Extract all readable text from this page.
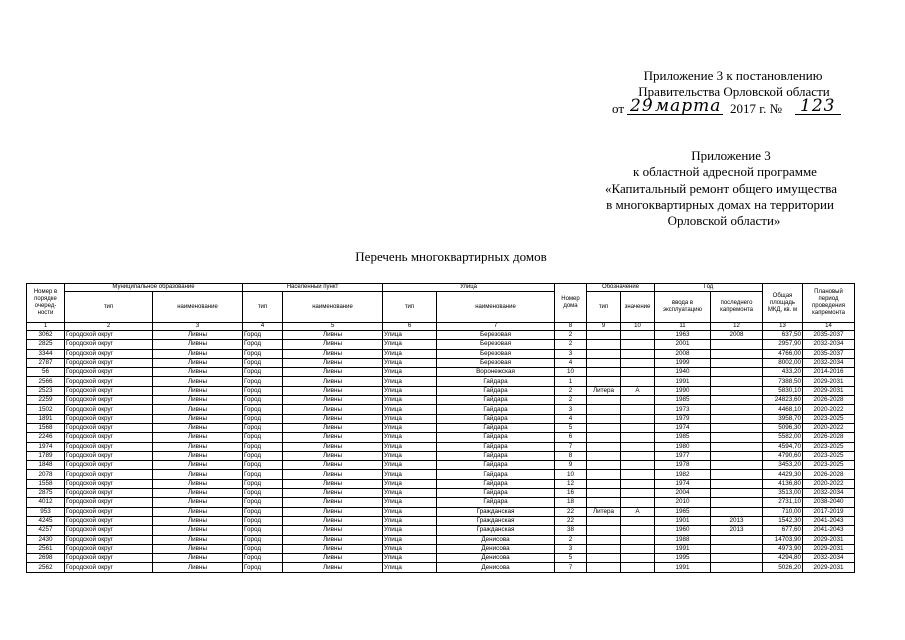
Приложение 3 к постановлению
Правительства Орловской области
от 29 марта 2017 г. № 123
Приложение 3
к областной адресной программе
«Капитальный ремонт общего имущества
в многоквартирных домах на территории
Орловской области»
Перечень многоквартирных домов
Номер в порядке очеред-ности	Муниципальное образование		Населенный пункт		Улица		Номер дома	Обозначение		Год		Общая площадь МКД, кв. м	Плановый период проведения капремонта
	тип	наименование	тип	наименование	тип	наименование		тип	значение	ввода в эксплуатацию	последнего капремонта		
1	2	3	4	5	6	7	8	9	10	11	12	13	14
3062	Городской округ	Ливны	Город	Ливны	Улица	Березовая	2			1963	2008	637,50	2035-2037
2825	Городской округ	Ливны	Город	Ливны	Улица	Березовая	2			2001		2957,90	2032-2034
3344	Городской округ	Ливны	Город	Ливны	Улица	Березовая	3			2008		4766,00	2035-2037
2787	Городской округ	Ливны	Город	Ливны	Улица	Березовая	4			1999		8002,00	2032-2034
56	Городской округ	Ливны	Город	Ливны	Улица	Воронежская	10			1940		433,20	2014-2016
2566	Городской округ	Ливны	Город	Ливны	Улица	Гайдара	1			1991		7388,50	2029-2031
2523	Городской округ	Ливны	Город	Ливны	Улица	Гайдара	2	Литера	А	1990		5830,10	2029-2031
2259	Городской округ	Ливны	Город	Ливны	Улица	Гайдара	2			1985		24823,60	2026-2028
1502	Городской округ	Ливны	Город	Ливны	Улица	Гайдара	3			1973		4468,10	2020-2022
1891	Городской округ	Ливны	Город	Ливны	Улица	Гайдара	4			1979		3958,70	2023-2025
1568	Городской округ	Ливны	Город	Ливны	Улица	Гайдара	5			1974		5096,30	2020-2022
2246	Городской округ	Ливны	Город	Ливны	Улица	Гайдара	6			1985		5582,00	2026-2028
1974	Городской округ	Ливны	Город	Ливны	Улица	Гайдара	7			1980		4594,70	2023-2025
1789	Городской округ	Ливны	Город	Ливны	Улица	Гайдара	8			1977		4790,60	2023-2025
1848	Городской округ	Ливны	Город	Ливны	Улица	Гайдара	9			1978		3453,20	2023-2025
2078	Городской округ	Ливны	Город	Ливны	Улица	Гайдара	10			1982		4429,30	2026-2028
1558	Городской округ	Ливны	Город	Ливны	Улица	Гайдара	12			1974		4136,80	2020-2022
2875	Городской округ	Ливны	Город	Ливны	Улица	Гайдара	16			2004		3513,00	2032-2034
4012	Городской округ	Ливны	Город	Ливны	Улица	Гайдара	18			2010		2731,10	2038-2040
953	Городской округ	Ливны	Город	Ливны	Улица	Гражданская	22	Литера	А	1965		710,00	2017-2019
4245	Городской округ	Ливны	Город	Ливны	Улица	Гражданская	22			1901	2013	1542,30	2041-2043
4257	Городской округ	Ливны	Город	Ливны	Улица	Гражданская	38			1960	2013	677,60	2041-2043
2430	Городской округ	Ливны	Город	Ливны	Улица	Денисова	2			1988		14703,90	2029-2031
2561	Городской округ	Ливны	Город	Ливны	Улица	Денисова	3			1991		4973,90	2029-2031
2698	Городской округ	Ливны	Город	Ливны	Улица	Денисова	5			1995		4294,80	2032-2034
2562	Городской округ	Ливны	Город	Ливны	Улица	Денисова	7			1991		5026,20	2029-2031
